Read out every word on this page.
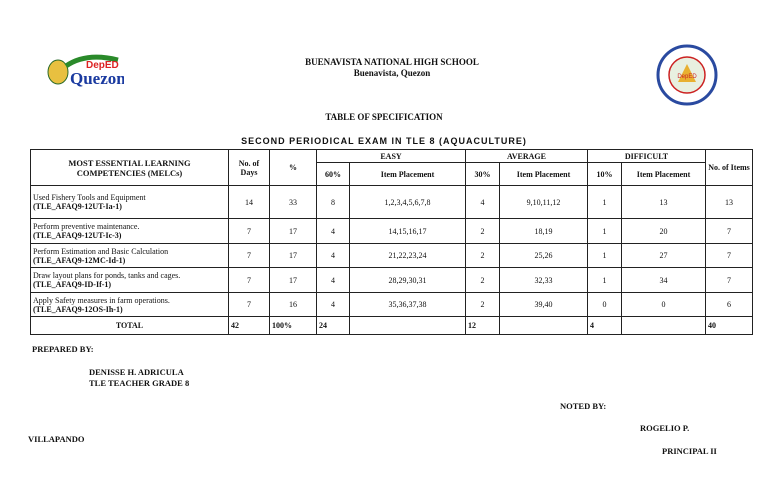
DepED
Quezon	DepED
BUENAVISTA NATIONAL HIGH SCHOOL
Buenavista, Quezon
TABLE OF SPECIFICATION
SECOND PERIODICAL EXAM IN TLE 8 (AQUACULTURE)
MOST ESSENTIAL LEARNING COMPETENCIES (MELCs)	No. of Days	%	EASY		AVERAGE		DIFFICULT		No. of Items
			60%	Item Placement	30%	Item Placement	10%	Item Placement	
Used Fishery Tools and Equipment
(TLE_AFAQ9-12UT-Ia-1)	14	33	8	1,2,3,4,5,6,7,8	4	9,10,11,12	1	13	13
Perform preventive maintenance.
(TLE_AFAQ9-12UT-Ic-3)	7	17	4	14,15,16,17	2	18,19	1	20	7
Perform Estimation and Basic Calculation
(TLE_AFAQ9-12MC-Id-1)	7	17	4	21,22,23,24	2	25,26	1	27	7
Draw layout plans for ponds, tanks and cages.
(TLE_AFAQ9-ID-If-1)	7	17	4	28,29,30,31	2	32,33	1	34	7
Apply Safety measures in farm operations.
(TLE_AFAQ9-12OS-Ih-1)	7	16	4	35,36,37,38	2	39,40	0	0	6
TOTAL	42	100%	24		12		4		40
PREPARED BY:
DENISSE H. ADRICULA
TLE TEACHER GRADE 8
NOTED BY:
ROGELIO P.
VILLAPANDO
PRINCIPAL II
